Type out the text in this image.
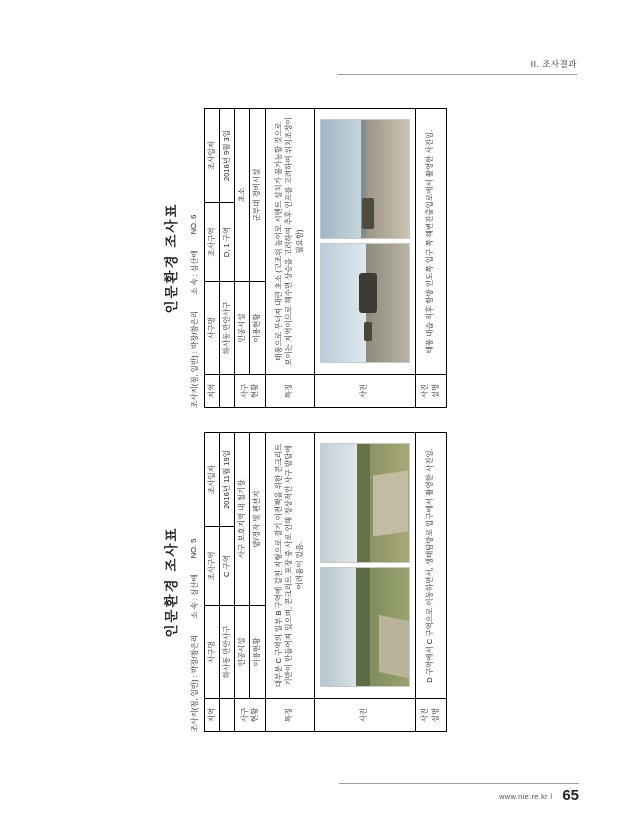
II. 조사결과
인문환경 조사표
조사지(점, 일반) : 박장/참은리
소 속 : 심산애
NO. 6
지역	사구명	조사구역	조사일자
	하사동 만안사구	D, 1 구역	2016년 9월 3일
사구
현황	인공시설	초소	
	이용현황	군부대 경비시설	
특징	태풍으로 무너져 내린 초소 (고조위 높이로 시멘트 설치가 불가능할 것으로 보이는 지역이므로 해수면 상승을 고려하여 추후 인프를 고려하여 위치조정이 필요함)		
사진			

사진
설명	태풍 내습 직후 함방 인도쪽 입구 쪽 해변진출입로에서 촬영한 사진임.		
인문환경 조사표
조사지(점, 일반) : 박장/참은리
소 속 : 심산애
NO. 5
지역	사구명	조사구역	조사일자
	하사동 만안사구	C 구역	2016년 11월 19일
사구
현황	인공시설	사구 보호지역 내 철기장	
	이용현황	밭/경작 및 펜션지	
특징	대부분 C 구역의 일부 B 구역에 걸친 지형으로 절기 이전책을 위한 콘크리트 기반이 만들어져 있으며, 콘크리트 포장 중 사로 인해 정상적인 사구 발달에 어려움이 있음.		
사진			

사진
설명	D 구역에서 C 구역으로 이동하면서, 생태탐방로 입구에서 촬영한 사진임.		
www.nie.re.kr l 65
